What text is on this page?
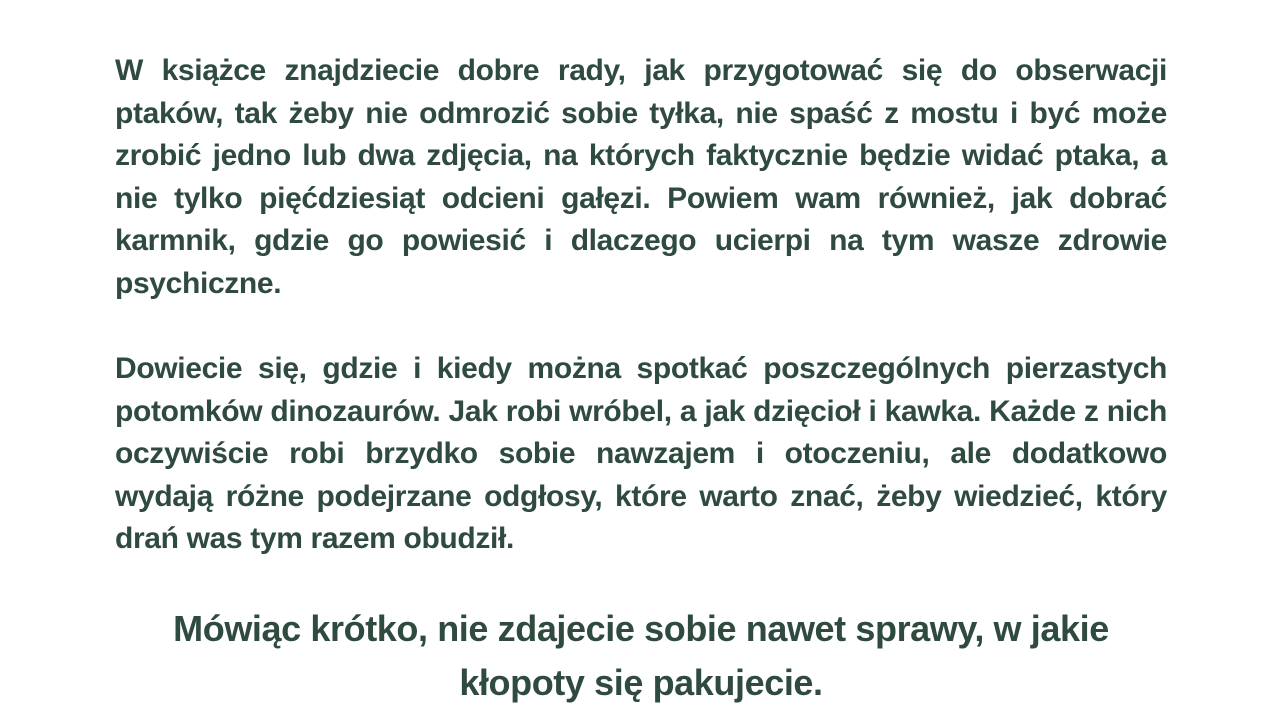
W książce znajdziecie dobre rady, jak przygotować się do obserwacji ptaków, tak żeby nie odmrozić sobie tyłka, nie spaść z mostu i być może zrobić jedno lub dwa zdjęcia, na których faktycznie będzie widać ptaka, a nie tylko pięćdziesiąt odcieni gałęzi. Powiem wam również, jak dobrać karmnik, gdzie go powiesić i dlaczego ucierpi na tym wasze zdrowie psychiczne.

Dowiecie się, gdzie i kiedy można spotkać poszczególnych pierzastych potomków dinozaurów. Jak robi wróbel, a jak dzięcioł i kawka. Każde z nich oczywiście robi brzydko sobie nawzajem i otoczeniu, ale dodatkowo wydają różne podejrzane odgłosy, które warto znać, żeby wiedzieć, który drań was tym razem obudził.

Mówiąc krótko, nie zdajecie sobie nawet sprawy, w jakie kłopoty się pakujecie.
